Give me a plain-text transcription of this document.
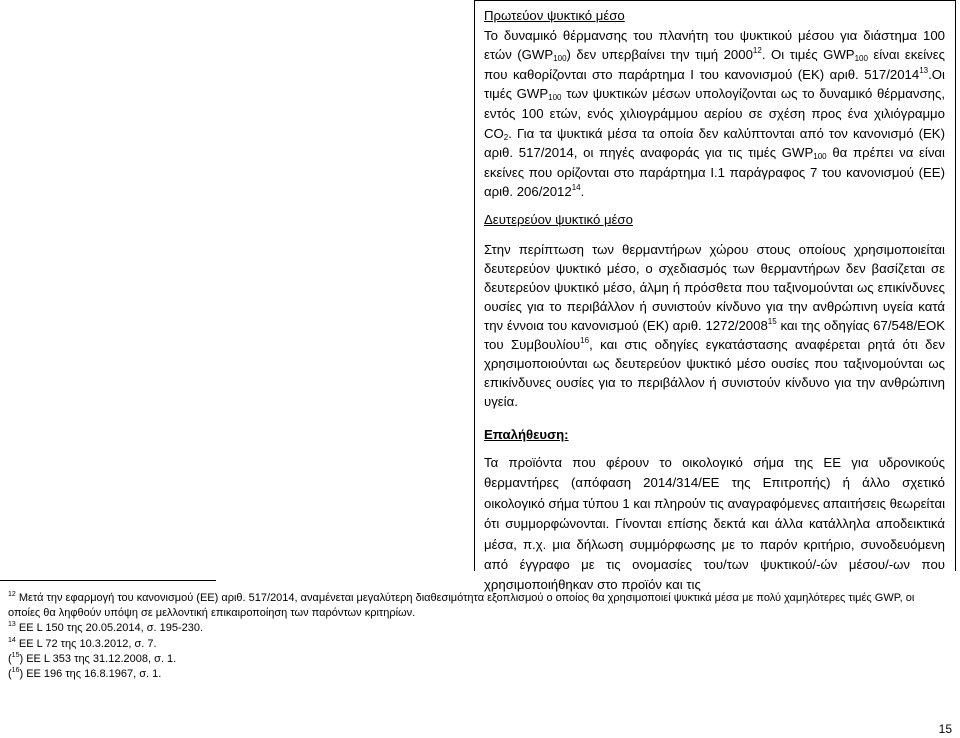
Πρωτεύον ψυκτικό μέσο

Το δυναμικό θέρμανσης του πλανήτη του ψυκτικού μέσου για διάστημα 100 ετών $(GWP_{100})$ δεν υπερβαίνει την τιμή 2000$^{12}$. Οι τιμές $GWP_{100}$ είναι εκείνες που καθορίζονται στο παράρτημα I του κανονισμού (ΕΚ) αριθ. 517/2014$^{13}$.Οι τιμές $GWP_{100}$ των ψυκτικών μέσων υπολογίζονται ως το δυναμικό θέρμανσης, εντός 100 ετών, ενός χιλιογράμμου αερίου σε σχέση προς ένα χιλιόγραμμο $CO_2$. Για τα ψυκτικά μέσα τα οποία δεν καλύπτονται από τον κανονισμό (ΕΚ) αριθ. 517/2014, οι πηγές αναφοράς για τις τιμές $GWP_{100}$ θα πρέπει να είναι εκείνες που ορίζονται στο παράρτημα I.1 παράγραφος 7 του κανονισμού (ΕΕ) αριθ. 206/2012$^{14}$.

Δευτερεύον ψυκτικό μέσο

Στην περίπτωση των θερμαντήρων χώρου στους οποίους χρησιμοποιείται δευτερεύον ψυκτικό μέσο, ο σχεδιασμός των θερμαντήρων δεν βασίζεται σε δευτερεύον ψυκτικό μέσο, άλμη ή πρόσθετα που ταξινομούνται ως επικίνδυνες ουσίες για το περιβάλλον ή συνιστούν κίνδυνο για την ανθρώπινη υγεία κατά την έννοια του κανονισμού (ΕΚ) αριθ. 1272/2008$^{15}$ και της οδηγίας 67/548/ΕΟΚ του Συμβουλίου$^{16}$, και στις οδηγίες εγκατάστασης αναφέρεται ρητά ότι δεν χρησιμοποιούνται ως δευτερεύον ψυκτικό μέσο ουσίες που ταξινομούνται ως επικίνδυνες ουσίες για το περιβάλλον ή συνιστούν κίνδυνο για την ανθρώπινη υγεία.

Επαλήθευση:

Τα προϊόντα που φέρουν το οικολογικό σήμα της ΕΕ για υδρονικούς θερμαντήρες (απόφαση 2014/314/ΕΕ της Επιτροπής) ή άλλο σχετικό οικολογικό σήμα τύπου 1 και πληρούν τις αναγραφόμενες απαιτήσεις θεωρείται ότι συμμορφώνονται. Γίνονται επίσης δεκτά και άλλα κατάλληλα αποδεικτικά μέσα, π.χ. μια δήλωση συμμόρφωσης με το παρόν κριτήριο, συνοδευόμενη από έγγραφο με τις ονομασίες του/των ψυκτικού/-ών μέσου/-ων που χρησιμοποιήθηκαν στο προϊόν και τις

$^{12}$ Μετά την εφαρμογή του κανονισμού (ΕΕ) αριθ. 517/2014, αναμένεται μεγαλύτερη διαθεσιμότητα εξοπλισμού ο οποίος θα χρησιμοποιεί ψυκτικά μέσα με πολύ χαμηλότερες τιμές GWP, οι οποίες θα ληφθούν υπόψη σε μελλοντική επικαιροποίηση των παρόντων κριτηρίων.

$^{13}$ ΕΕ L 150 της 20.05.2014, σ. 195-230.

$^{14}$ ΕΕ L 72 της 10.3.2012, σ. 7.

($^{15}$) ΕΕ L 353 της 31.12.2008, σ. 1.

($^{16}$) ΕΕ 196 της 16.8.1967, σ. 1.

15
